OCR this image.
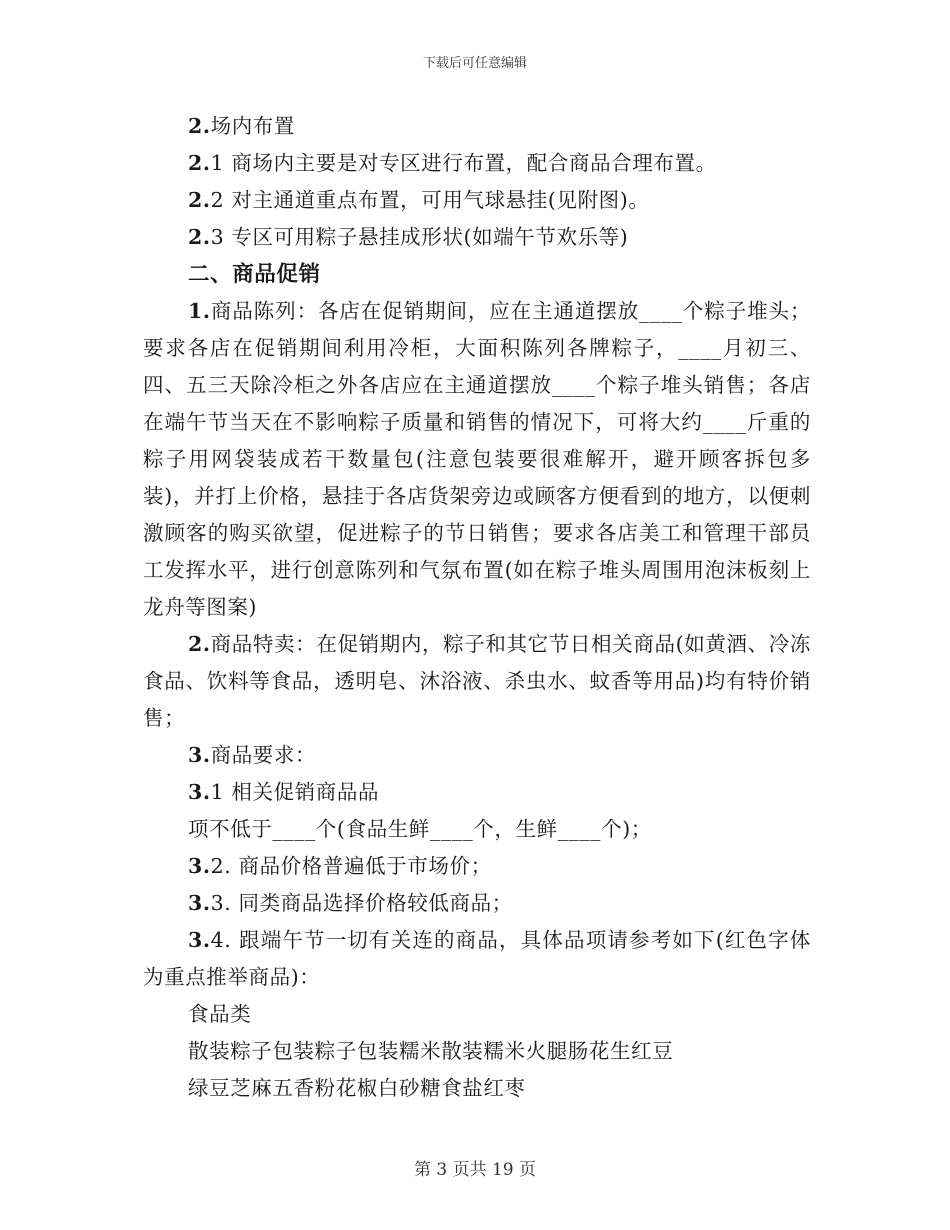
下载后可任意编辑
2.场内布置
2.1 商场内主要是对专区进行布置，配合商品合理布置。
2.2 对主通道重点布置，可用气球悬挂(见附图)。
2.3 专区可用粽子悬挂成形状(如端午节欢乐等)
二、商品促销
1.商品陈列：各店在促销期间，应在主通道摆放____个粽子堆头；要求各店在促销期间利用冷柜，大面积陈列各牌粽子，____月初三、四、五三天除冷柜之外各店应在主通道摆放____个粽子堆头销售；各店在端午节当天在不影响粽子质量和销售的情况下，可将大约____斤重的粽子用网袋装成若干数量包(注意包装要很难解开，避开顾客拆包多装)，并打上价格，悬挂于各店货架旁边或顾客方便看到的地方，以便刺激顾客的购买欲望，促进粽子的节日销售；要求各店美工和管理干部员工发挥水平，进行创意陈列和气氛布置(如在粽子堆头周围用泡沫板刻上龙舟等图案)
2.商品特卖：在促销期内，粽子和其它节日相关商品(如黄酒、冷冻食品、饮料等食品，透明皂、沐浴液、杀虫水、蚊香等用品)均有特价销售；
3.商品要求：
3.1 相关促销商品品
项不低于____个(食品生鲜____个，生鲜____个)；
3.2. 商品价格普遍低于市场价；
3.3. 同类商品选择价格较低商品；
3.4. 跟端午节一切有关连的商品，具体品项请参考如下(红色字体为重点推举商品)：
食品类
散装粽子包装粽子包装糯米散装糯米火腿肠花生红豆
绿豆芝麻五香粉花椒白砂糖食盐红枣
第 3 页共 19 页
